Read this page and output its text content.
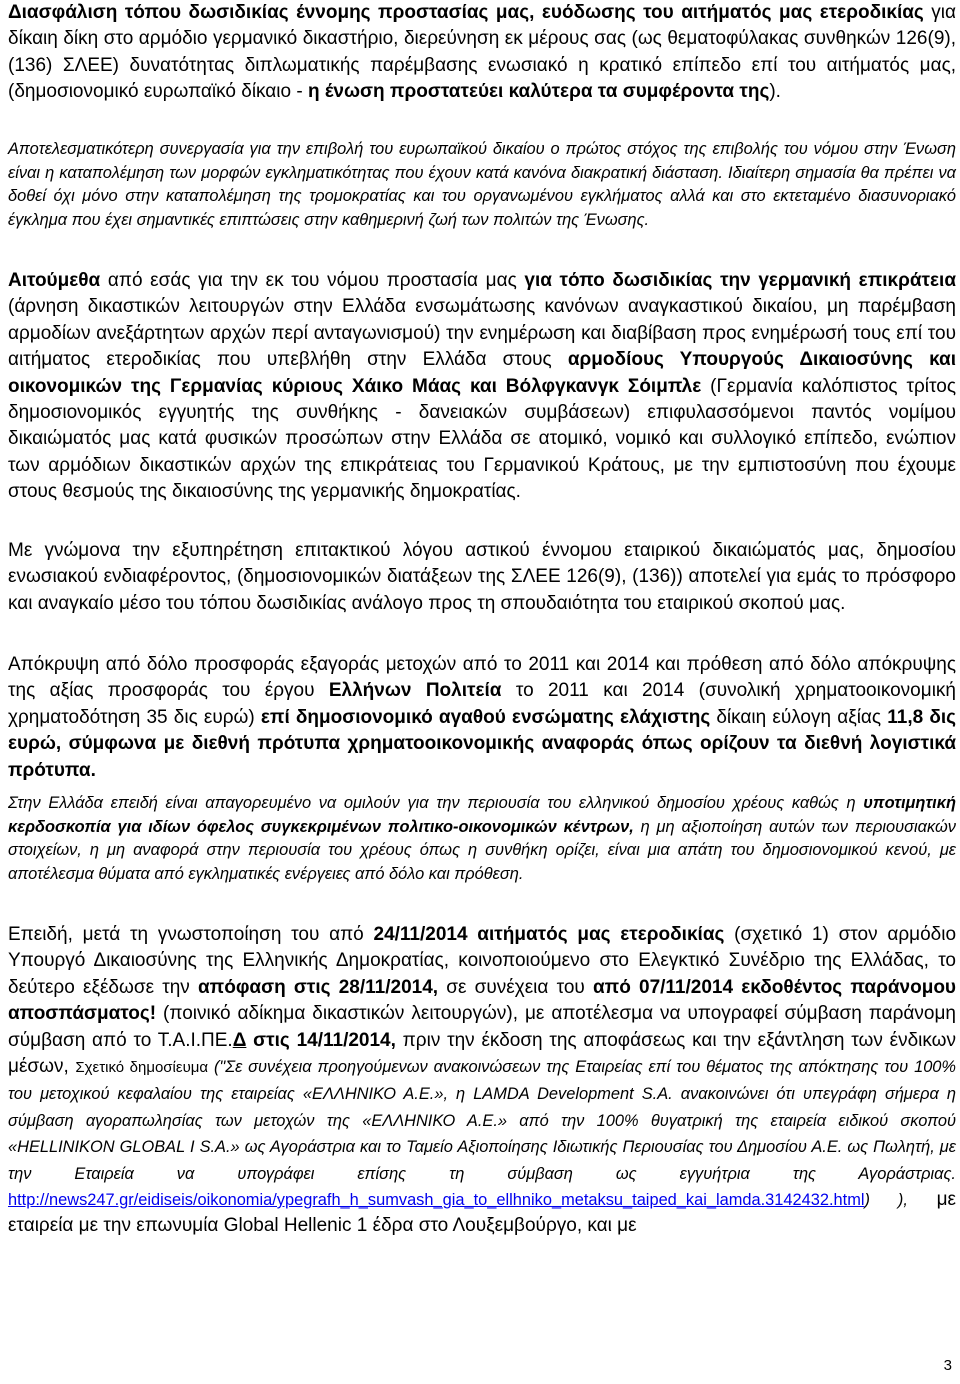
Διασφάλιση τόπου δωσιδικίας έννομης προστασίας μας, ευόδωσης του αιτήματός μας ετεροδικίας για δίκαιη δίκη στο αρμόδιο γερμανικό δικαστήριο, διερεύνηση εκ μέρους σας (ως θεματοφύλακας συνθηκών 126(9),(136) ΣΛΕΕ) δυνατότητας διπλωματικής παρέμβασης ενωσιακό η κρατικό επίπεδο επί του αιτήματός μας, (δημοσιονομικό ευρωπαϊκό δίκαιο - η ένωση προστατεύει καλύτερα τα συμφέροντα της).

Αποτελεσματικότερη συνεργασία για την επιβολή του ευρωπαϊκού δικαίου ο πρώτος στόχος της επιβολής του νόμου στην Ένωση είναι η καταπολέμηση των μορφών εγκληματικότητας που έχουν κατά κανόνα διακρατική διάσταση. Ιδιαίτερη σημασία θα πρέπει να δοθεί όχι μόνο στην καταπολέμηση της τρομοκρατίας και του οργανωμένου εγκλήματος αλλά και στο εκτεταμένο διασυνοριακό έγκλημα που έχει σημαντικές επιπτώσεις στην καθημερινή ζωή των πολιτών της Ένωσης.

Αιτούμεθα από εσάς για την εκ του νόμου προστασία μας για τόπο δωσιδικίας την γερμανική επικράτεια (άρνηση δικαστικών λειτουργών στην Ελλάδα ενσωμάτωσης κανόνων αναγκαστικού δικαίου, μη παρέμβαση αρμοδίων ανεξάρτητων αρχών περί ανταγωνισμού) την ενημέρωση και διαβίβαση προς ενημέρωσή τους επί του αιτήματος ετεροδικίας που υπεβλήθη στην Ελλάδα στους αρμοδίους Υπουργούς Δικαιοσύνης και οικονομικών της Γερμανίας κύριους Χάικο Μάας και Βόλφγκανγκ Σόιμπλε (Γερμανία καλόπιστος τρίτος δημοσιονομικός εγγυητής της συνθήκης - δανειακών συμβάσεων) επιφυλασσόμενοι παντός νομίμου δικαιώματός μας κατά φυσικών προσώπων στην Ελλάδα σε ατομικό, νομικό και συλλογικό επίπεδο, ενώπιον των αρμόδιων δικαστικών αρχών της επικράτειας του Γερμανικού Κράτους, με την εμπιστοσύνη που έχουμε στους θεσμούς της δικαιοσύνης της γερμανικής δημοκρατίας.

Με γνώμονα την εξυπηρέτηση επιτακτικού λόγου αστικού έννομου εταιρικού δικαιώματός μας, δημοσίου ενωσιακού ενδιαφέροντος, (δημοσιονομικών διατάξεων της ΣΛΕΕ 126(9), (136)) αποτελεί για εμάς το πρόσφορο και αναγκαίο μέσο του τόπου δωσιδικίας ανάλογο προς τη σπουδαιότητα του εταιρικού σκοπού μας.

Απόκρυψη από δόλο προσφοράς εξαγοράς μετοχών από το 2011 και 2014 και πρόθεση από δόλο απόκρυψης της αξίας προσφοράς του έργου Ελλήνων Πολιτεία το 2011 και 2014 (συνολική χρηματοοικονομική χρηματοδότηση 35 δις ευρώ) επί δημοσιονομικό αγαθού ενσώματης ελάχιστης δίκαιη εύλογη αξίας 11,8 δις ευρώ, σύμφωνα με διεθνή πρότυπα χρηματοοικονομικής αναφοράς όπως ορίζουν τα διεθνή λογιστικά πρότυπα.

Στην Ελλάδα επειδή είναι απαγορευμένο να ομιλούν για την περιουσία του ελληνικού δημοσίου χρέους καθώς η υποτιμητική κερδοσκοπία για ιδίων όφελος συγκεκριμένων πολιτικο-οικονομικών κέντρων, η μη αξιοποίηση αυτών των περιουσιακών στοιχείων, η μη αναφορά στην περιουσία του χρέους όπως η συνθήκη ορίζει, είναι μια απάτη του δημοσιονομικού κενού, με αποτέλεσμα θύματα από εγκληματικές ενέργειες από δόλο και πρόθεση.

Επειδή, μετά τη γνωστοποίηση του από 24/11/2014 αιτήματός μας ετεροδικίας (σχετικό 1) στον αρμόδιο Υπουργό Δικαιοσύνης της Ελληνικής Δημοκρατίας, κοινοποιούμενο στο Ελεγκτικό Συνέδριο της Ελλάδας, το δεύτερο εξέδωσε την απόφαση στις 28/11/2014, σε συνέχεια του από 07/11/2014 εκδοθέντος παράνομου αποσπάσματος! (ποινικό αδίκημα δικαστικών λειτουργών), με αποτέλεσμα να υπογραφεί σύμβαση παράνομη σύμβαση από το Τ.Α.Ι.ΠΕ.Δ στις 14/11/2014, πριν την έκδοση της αποφάσεως και την εξάντληση των ένδικων μέσων, Σχετικό δημοσίευμα ("Σε συνέχεια προηγούμενων ανακοινώσεων της Εταιρείας επί του θέματος της απόκτησης του 100% του μετοχικού κεφαλαίου της εταιρείας «ΕΛΛΗΝΙΚΟ Α.Ε.», η LAMDA Development S.A. ανακοινώνει ότι υπεγράφη σήμερα η σύμβαση αγοραπωλησίας των μετοχών της «ΕΛΛΗΝΙΚΟ Α.Ε.» από την 100% θυγατρική της εταιρεία ειδικού σκοπού «HELLINIKON GLOBAL I S.A.» ως Αγοράστρια και το Ταμείο Αξιοποίησης Ιδιωτικής Περιουσίας του Δημοσίου Α.Ε. ως Πωλητή, με την Εταιρεία να υπογράφει επίσης τη σύμβαση ως εγγυήτρια της Αγοράστριας. http://news247.gr/eidiseis/oikonomia/ypegrafh_h_sumvash_gia_to_ellhniko_metaksu_taiped_kai_lamda.3142432.html) ), με εταιρεία με την επωνυμία Global Hellenic 1 έδρα στο Λουξεμβούργο, και με

3
